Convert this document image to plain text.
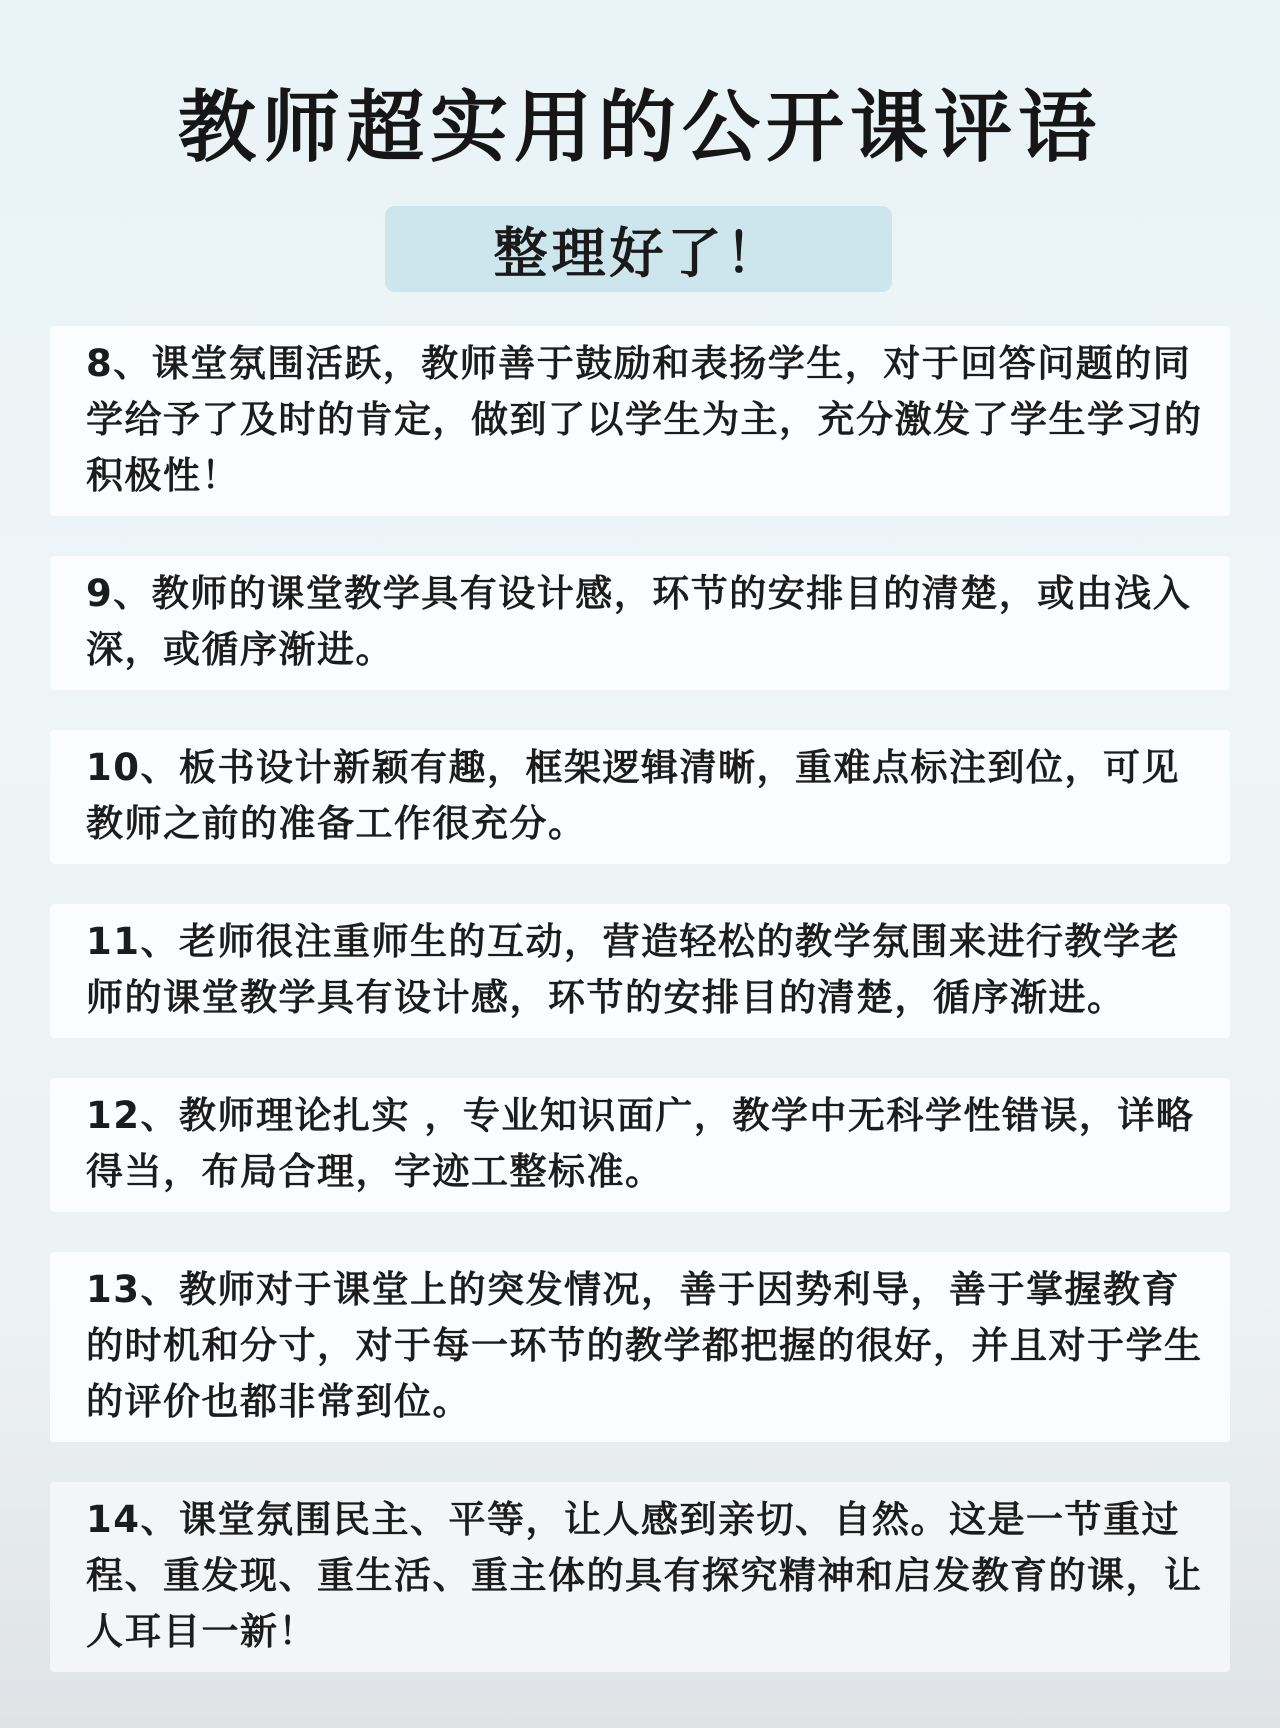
教师超实用的公开课评语
整理好了！
8、课堂氛围活跃，教师善于鼓励和表扬学生，对于回答问题的同学给予了及时的肯定，做到了以学生为主，充分激发了学生学习的积极性！
9、教师的课堂教学具有设计感，环节的安排目的清楚，或由浅入深，或循序渐进。
10、板书设计新颖有趣，框架逻辑清晰，重难点标注到位，可见教师之前的准备工作很充分。
11、老师很注重师生的互动，营造轻松的教学氛围来进行教学老师的课堂教学具有设计感，环节的安排目的清楚，循序渐进。
12、教师理论扎实 ，专业知识面广，教学中无科学性错误，详略得当，布局合理，字迹工整标准。
13、教师对于课堂上的突发情况，善于因势利导，善于掌握教育的时机和分寸，对于每一环节的教学都把握的很好，并且对于学生的评价也都非常到位。
14、课堂氛围民主、平等，让人感到亲切、自然。这是一节重过程、重发现、重生活、重主体的具有探究精神和启发教育的课，让人耳目一新！
